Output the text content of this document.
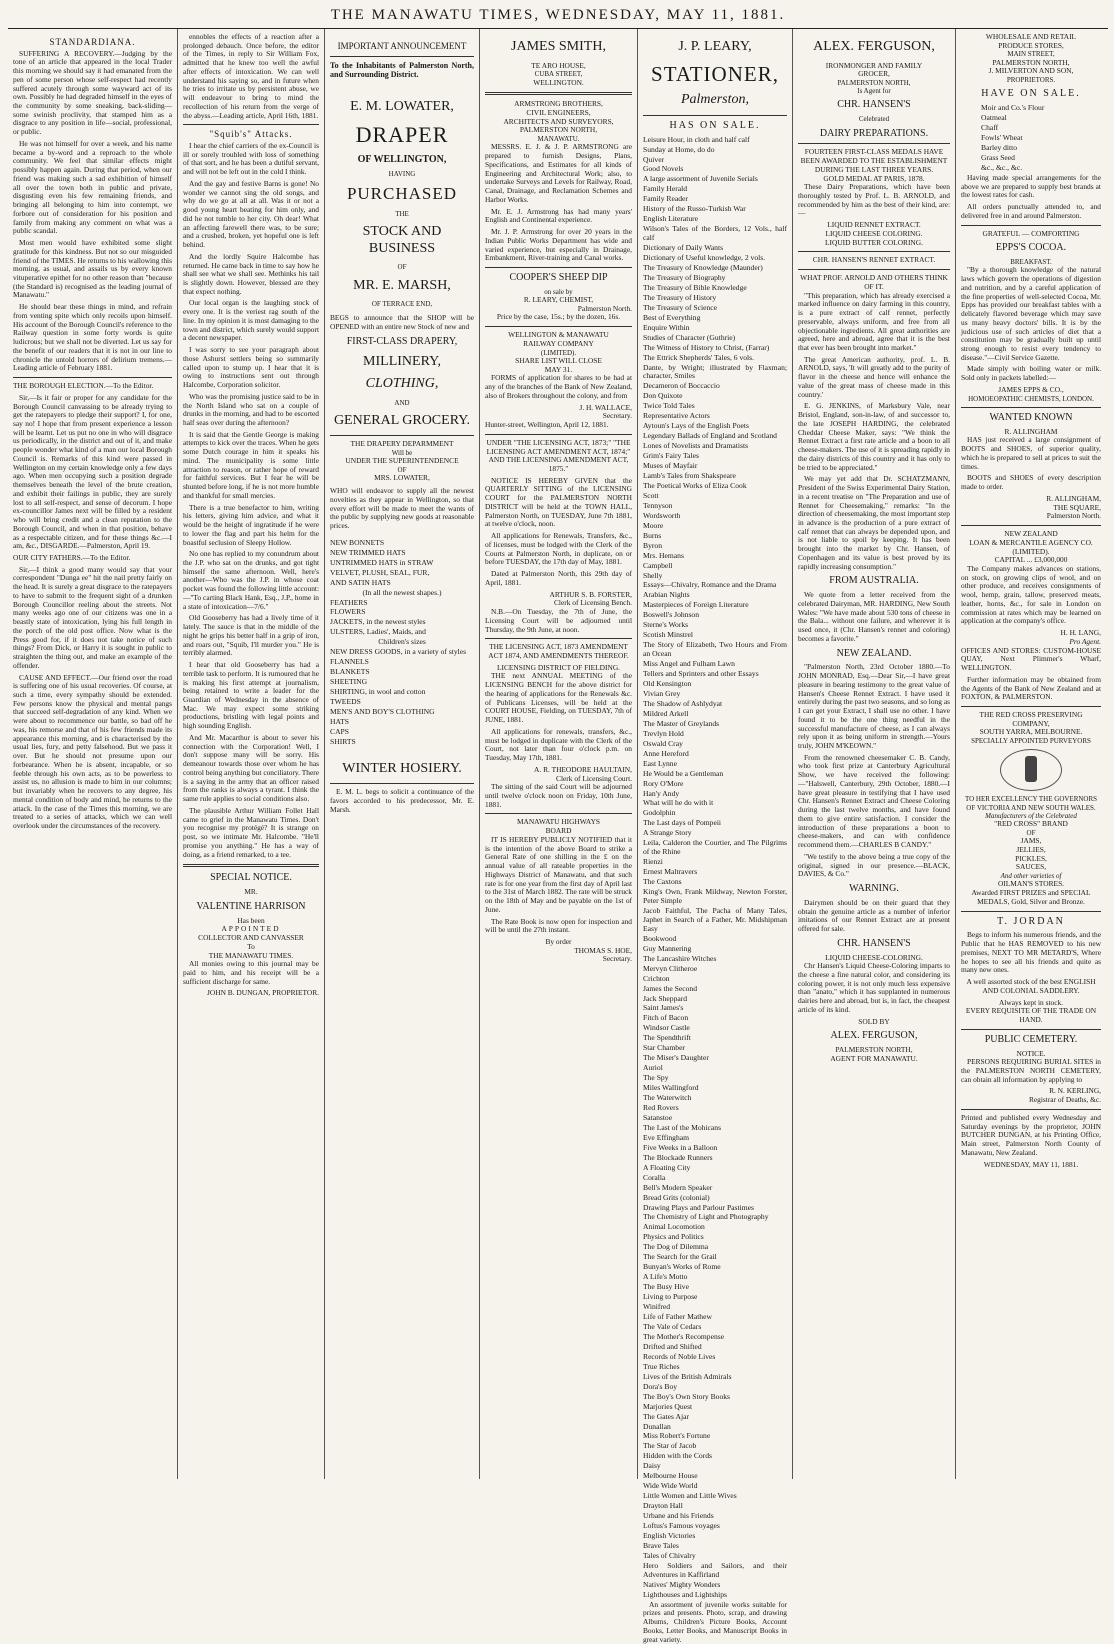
THE MANAWATU TIMES, WEDNESDAY, MAY 11, 1881.
STANDARDIANA.

SUFFERING A RECOVERY.—Judging by the tone of an article that appeared in the local Trader this morning we should say it had emanated from the pen of some person whose self-respect had recently suffered acutely through some wayward act of its own. Possibly he had degraded himself in the eyes of the community by some sneaking, back-sliding—some swinish proclivity, that stamped him as a disgrace to any position in life—social, professional, or public.

He was not himself for over a week, and his name became a by-word and a reproach to the whole community. We feel that similar effects might possibly happen again. During that period, when our friend was making such a sad exhibition of himself all over the town both in public and private, disgusting even his few remaining friends, and bringing all belonging to him into contempt, we forbore out of consideration for his position and family from making any comment on what was a public scandal.

Most men would have exhibited some slight gratitude for this kindness. But not so our misguided friend of the TIMES. He returns to his wallowing this morning, as usual, and assails us by every known vituperative epithet for no other reason than "because (the Standard is) recognised as the leading journal of Manawatu."

He should bear these things in mind, and refrain from venting spite which only recoils upon himself. His account of the Borough Council's reference to the Railway question in some forty words is quite ludicrous; but we shall not be diverted. Let us say for the benefit of our readers that it is not in our line to chronicle the untold horrors of delirium tremens.—Leading article of February 1881.

THE BOROUGH ELECTION.—To the Editor.

Sir,—Is it fair or proper for any candidate for the Borough Council canvassing to be already trying to get the ratepayers to pledge their support? I, for one, say no! I hope that from present experience a lesson will be learnt. Let us put no one in who will disgrace us periodically, in the district and out of it, and make people wonder what kind of a man our local Borough Council is. Remarks of this kind were passed in Wellington on my certain knowledge only a few days ago. When men occupying such a position degrade themselves beneath the level of the brute creation, and exhibit their failings in public, they are surely lost to all self-respect, and sense of decorum. I hope ex-councillor James next will be filled by a resident who will bring credit and a clean reputation to the Borough Council, and when in that position, behave as a respectable citizen, and for these things &c.—I am, &c., DISGARDE.—Palmerston, April 19.

OUR CITY FATHERS.—To the Editor.

Sir,—I think a good many would say that your correspondent "Dunga ee" hit the nail pretty fairly on the head. It is surely a great disgrace to the ratepayers to have to submit to the frequent sight of a drunken Borough Councillor reeling about the streets. Not many weeks ago one of our citizens was one in a beastly state of intoxication, lying his full length in the porch of the old post office. Now what is the Press good for, if it does not take notice of such things? From Dick, or Harry it is sought in public to straighten the thing out, and make an example of the offender.

CAUSE AND EFFECT.—Our friend over the road is suffering one of his usual recoveries. Of course, at such a time, every sympathy should be extended. Few persons know the physical and mental pangs that succeed self-degradation of any kind. When we were about to recommence our battle, so bad off he was, his remorse and that of his few friends made its appearance this morning, and is characterised by the usual lies, fury, and petty falsehood. But we pass it over. But he should not presume upon our forbearance. When he is absent, incapable, or so feeble through his own acts, as to be powerless to assist us, no allusion is made to him in our columns; but invariably when he recovers to any degree, his mental condition of body and mind, he returns to the attack. In the case of the Times this morning, we are treated to a series of attacks, which we can well overlook under the circumstances of the recovery.

ennobles the effects of a reaction after a prolonged debauch. Once before, the editor of the Times, in reply to Sir William Fox, admitted that he knew too well the awful after effects of intoxication. We can well understand his saying so, and in future when he tries to irritate us by persistent abuse, we will endeavour to bring to mind the recollection of his return from the verge of the abyss.—Leading article, April 16th, 1881.

"Squib's" Attacks.

I hear the chief carriers of the ex-Council is ill or sorely troubled with loss of something of that sort, and he has been a dutiful servant, and will not be left out in the cold I think.

And the gay and festive Barns is gone! No wonder we cannot sing the old songs, and why do we go at all at all. Was it or not a good young heart beating for him only, and did he not tumble to her city. Oh dear! What an affecting farewell there was, to be sure; and a crushed, broken, yet hopeful one is left behind.

And the lordly Squire Halcombe has returned. He came back in time to say how he shall see what we shall see. Methinks his tail is slightly down. However, blessed are they that expect nothing.

Our local organ is the laughing stock of every one. It is the veriest rag south of the line. In my opinion it is most damaging to the town and district, which surely would support a decent newspaper.

I was sorry to see your paragraph about those Ashurst settlers being so summarily called upon to stump up. I hear that it is owing to instructions sent out through Halcombe, Corporation solicitor.

Who was the promising justice said to be in the North Island who sat on a couple of drunks in the morning, and had to be escorted half seas over during the afternoon?

It is said that the Gentle George is making attempts to kick over the traces. When he gets some Dutch courage in him it speaks his mind. The municipality is some little attraction to reason, or rather hope of reward for faithful services. But I fear he will be shunted before long, if he is not more humble and thankful for small mercies.

There is a true benefactor to him, writing his letters, giving him advice, and what it would be the height of ingratitude if he were to lower the flag and part his helm for the boastful seclusion of Sleepy Hollow.

No one has replied to my conundrum about the J.P. who sat on the drunks, and got tight himself the same afternoon. Well, here's another—Who was the J.P. in whose coat pocket was found the following little account:—"To carting Black Hank, Esq., J.P., home in a state of intoxication—7/6."

Old Gooseberry has had a lively time of it lately. The sauce is that in the middle of the night he grips his better half in a grip of iron, and roars out, "Squib, I'll murder you." He is terribly alarmed.

I hear that old Gooseberry has had a terrible task to perform. It is rumoured that he is making his first attempt at journalism, being retained to write a leader for the Guardian of Wednesday in the absence of Mac. We may expect some striking productions, bristling with legal points and high sounding English.

And Mr. Macarthur is about to sever his connection with the Corporation! Well, I don't suppose many will be sorry. His demeanour towards those over whom he has control being anything but conciliatory. There is a saying in the army that an officer raised from the ranks is always a tyrant. I think the same rule applies to social conditions also.

The plausible Arthur William Follet Hall came to grief in the Manawatu Times. Don't you recognise my protégé? It is strange on post, so we intimate Mr. Halcombe. "He'll promise you anything." He has a way of doing, as a friend remarked, to a tee.

SPECIAL NOTICE.
MR.
VALENTINE HARRISON
Has been
APPOINTED
COLLECTOR AND CANVASSER
To
THE MANAWATU TIMES.

All monies owing to this journal may be paid to him, and his receipt will be a sufficient discharge for same.

JOHN B. DUNGAN, PROPRIETOR.
IMPORTANT ANNOUNCEMENT

To the Inhabitants of Palmerston North, and Surrounding District.

E. M. LOWATER,
DRAPER
OF WELLINGTON,
HAVING
PURCHASED
THE
STOCK AND BUSINESS
OF
MR. E. MARSH,
OF TERRACE END,

BEGS to announce that the SHOP will be OPENED with an entire new Stock of new and

FIRST-CLASS DRAPERY,
MILLINERY,
CLOTHING,
AND
GENERAL GROCERY.
THE DRAPERY DEPARMMENT
Will be
UNDER THE SUPERINTENDENCE
OF
MRS. LOWATER,

WHO will endeavor to supply all the newest novelties as they appear in Wellington, so that every effort will be made to meet the wants of the public by supplying new goods at reasonable prices.

NEW BONNETS
NEW TRIMMED HATS
UNTRIMMED HATS in STRAW
VELVET, PLUSH, SEAL, FUR,
AND SATIN HATS
(In all the newest shapes.)
FEATHERS
FLOWERS
JACKETS, in the newest styles
ULSTERS, Ladies', Maids, and
Children's sizes
NEW DRESS GOODS, in a variety of styles
FLANNELS
BLANKETS
SHEETING
SHIRTING, in wool and cotton
TWEEDS
MEN'S AND BOY'S CLOTHING
HATS
CAPS
SHIRTS
WINTER HOSIERY.

E. M. L. begs to solicit a continuance of the favors accorded to his predecessor, Mr. E. Marsh.

JAMES SMITH,
TE ARO HOUSE,
CUBA STREET,
WELLINGTON.
ARMSTRONG BROTHERS,
CIVIL ENGINEERS,
ARCHITECTS AND SURVEYORS,
PALMERSTON NORTH,
MANAWATU.

MESSRS. E. J. & J. P. ARMSTRONG are prepared to furnish Designs, Plans, Specifications, and Estimates for all kinds of Engineering and Architectural Work; also, to undertake Surveys and Levels for Railway, Road, Canal, Drainage, and Reclamation Schemes and Harbor Works.

Mr. E. J. Armstrong has had many years' English and Continental experience.

Mr. J. P. Armstrong for over 20 years in the Indian Public Works Department has wide and varied experience, but especially in Drainage, Embankment, River-training and Canal works.

COOPER'S SHEEP DIP
on sale by
R. LEARY, CHEMIST,
Palmerston North.

Price by the case, 15s.; by the dozen, 16s.

WELLINGTON & MANAWATU
RAILWAY COMPANY
(LIMITED).
SHARE LIST WILL CLOSE
MAY 31.

FORMS of application for shares to be had at any of the branches of the Bank of New Zealand, also of Brokers throughout the colony, and from

J. H. WALLACE,
Secretary.

Hunter-street, Wellington, April 12, 1881.

UNDER "THE LICENSING ACT, 1873;" "THE LICENSING ACT AMENDMENT ACT, 1874;" AND THE LICENSING AMENDMENT ACT, 1875."

NOTICE IS HEREBY GIVEN that the QUARTERLY SITTING of the LICENSING COURT for the PALMERSTON NORTH DISTRICT will be held at the TOWN HALL, Palmerston North, on TUESDAY, June 7th 1881, at twelve o'clock, noon.

All applications for Renewals, Transfers, &c., of licenses, must be lodged with the Clerk of the Courts at Palmerston North, in duplicate, on or before TUESDAY, the 17th day of May, 1881.

Dated at Palmerston North, this 29th day of April, 1881.

ARTHUR S. B. FORSTER,
Clerk of Licensing Bench.

N.B.—On Tuesday, the 7th of June, the Licensing Court will be adjourned until Thursday, the 9th June, at noon.

THE LICENSING ACT, 1873 AMENDMENT ACT 1874, AND AMENDMENTS THEREOF.

LICENSING DISTRICT OF FIELDING.

THE next ANNUAL MEETING of the LICENSING BENCH for the above district for the hearing of applications for the Renewals &c. of Publicans Licenses, will be held at the COURT HOUSE, Fielding, on TUESDAY, 7th of JUNE, 1881.

All applications for renewals, transfers, &c., must be lodged in duplicate with the Clerk of the Court, not later than four o'clock p.m. on Tuesday, May 17th, 1881.

A. R. THEODORE HAULTAIN,
Clerk of Licensing Court.

The sitting of the said Court will be adjourned until twelve o'clock noon on Friday, 10th June, 1881.

MANAWATU HIGHWAYS
BOARD

IT IS HEREBY PUBLICLY NOTIFIED that it is the intention of the above Board to strike a General Rate of one shilling in the £ on the annual value of all rateable properties in the Highways District of Manawatu, and that such rate is for one year from the first day of April last to the 31st of March 1882. The rate will be struck on the 18th of May and be payable on the 1st of June.

The Rate Book is now open for inspection and will be until the 27th instant.

By order
THOMAS S. HOE,
Secretary.
J. P. LEARY,
STATIONER,
Palmerston,
HAS ON SALE.
Leisure Hour, in cloth and half calf
Sunday at Home, do do
Quiver
Good Novels
A large assortment of Juvenile Serials
Family Herald
Family Reader
History of the Russo-Turkish War
English Literature
Wilson's Tales of the Borders, 12 Vols., half calf
Dictionary of Daily Wants
Dictionary of Useful knowledge, 2 vols.
The Treasury of Knowledge (Maunder)
The Treasury of Biography
The Treasury of Bible Knowledge
The Treasury of History
The Treasury of Science
Best of Everything
Enquire Within
Studies of Character (Guthrie)
The Witness of History to Christ, (Farrar)
The Ettrick Shepherds' Tales, 6 vols.
Dante, by Wright; illustrated by Flaxman; character, Smiles
Decameron of Boccaccio
Don Quixote
Twice Told Tales
Representative Actors
Aytoun's Lays of the English Poets
Legendary Ballads of England and Scotland
Lones of Novelists and Dramatists
Grim's Fairy Tales
Muses of Mayfair
Lamb's Tales from Shakspeare
The Poetical Works of Eliza Cook
Scott
Tennyson
Wordsworth
Moore
Burns
Byron
Mrs. Hemans
Campbell
Shelly
Essays—Chivalry, Romance and the Drama
Arabian Nights
Masterpieces of Foreign Literature
Boswell's Johnson
Sterne's Works
Scotish Minstrel
The Story of Elizabeth, Two Hours and From an Ocean
Miss Angel and Fulham Lawn
Tellers and Sprinters and other Essays
Old Kensington
Vivian Grey
The Shadow of Ashlydyat
Mildred Arkell
The Master of Greylands
Trevlyn Hold
Oswald Cray
Anne Hereford
East Lynne
He Would be a Gentleman
Rory O'More
Han'y Andy
What will he do with it
Godolphin
The Last days of Pompeii
A Strange Story
Leila, Calderon the Courtier, and The Pilgrims of the Rhine
Rienzi
Ernest Maltravers
The Caxtons
King's Own, Frank Mildway, Newton Forster, Peter Simple
Jacob Faithful, The Pacha of Many Tales, Japhet in Search of a Father, Mr. Midshipman Easy
Bookwood
Guy Mannering
The Lancashire Witches
Mervyn Clitheroe
Crichton
James the Second
Jack Sheppard
Saint James's
Fitch of Bacon
Windsor Castle
The Spendthrift
Star Chamber
The Miser's Daughter
Auriol
The Spy
Miles Wallingford
The Waterwitch
Red Rovers
Satanstoe
The Last of the Mohicans
Eve Effingham
Five Weeks in a Balloon
The Blockade Runners
A Floating City
Coralla
Bell's Modern Speaker
Bread Grits (colonial)
Drawing Plays and Parlour Pastimes
The Chemistry of Light and Photography
Animal Locomotion
Physics and Politics
The Dog of Dilemma
The Search for the Grail
Bunyan's Works of Rome
A Life's Motto
The Busy Hive
Living to Purpose
Winifred
Life of Father Mathew
The Vale of Cedars
The Mother's Recompense
Drifted and Shifted
Records of Noble Lives
True Riches
Lives of the British Admirals
Dora's Boy
The Boy's Own Story Books
Marjories Quest
The Gates Ajar
Dunallan
Miss Robert's Fortune
The Star of Jacob
Hidden with the Cords
Daisy
Melbourne House
Wide Wide World
Little Women and Little Wives
Drayton Hall
Urbane and his Friends
Loftus's Famous voyages
English Victories
Brave Tales
Tales of Chivalry
Hero Soldiers and Sailors, and their Adventures in Kaffirland
Natives' Mighty Wonders
Lighthouses and Lightships

An assortment of juvenile works suitable for prizes and presents. Photo, scrap, and drawing Albums, Children's Picture Books, Account Books, Letter Books, and Manuscript Books in great variety.

ALEX. FERGUSON,
IRONMONGER AND FAMILY
GROCER,
PALMERSTON NORTH,
Is Agent for
CHR. HANSEN'S
Celebrated
DAIRY PREPARATIONS.
FOURTEEN FIRST-CLASS MEDALS HAVE BEEN AWARDED TO THE ESTABLISHMENT DURING THE LAST THREE YEARS.
GOLD MEDAL AT PARIS, 1878.

These Dairy Preparations, which have been thoroughly tested by Prof. L. B. ARNOLD, and recommended by him as the best of their kind, are:—

LIQUID RENNET EXTRACT.
LIQUID CHEESE COLORING.
LIQUID BUTTER COLORING.
CHR. HANSEN'S RENNET EXTRACT.
WHAT PROF. ARNOLD AND OTHERS THINK OF IT.

"This preparation, which has already exercised a marked influence on dairy farming in this country, is a pure extract of calf rennet, perfectly preservable, always uniform, and free from all objectionable ingredients. All great authorities are agreed, here and abroad, agree that it is the best that ever has been brought into market."

The great American authority, prof. L. B. ARNOLD, says, 'It will greatly add to the purity of flavor in the cheese and hence will enhance the value of the great mass of cheese made in this country.'

E. G. JENKINS, of Marksbury Vale, near Bristol, England, son-in-law, of and successor to, the late JOSEPH HARDING, the celebrated Cheddar Cheese Maker, says: "We think the Rennet Extract a first rate article and a boon to all cheese-makers. The use of it is spreading rapidly in the dairy districts of this country and it has only to be tried to be appreciated."

We may yet add that Dr. SCHATZMANN, President of the Swiss Experimental Dairy Station, in a recent treatise on "The Preparation and use of Rennet for Cheesemaking," remarks: "In the direction of cheesemaking, the most important step in advance is the production of a pure extract of calf rennet that can always be depended upon, and is not liable to spoil by keeping. It has been brought into the market by Chr. Hansen, of Copenhagen and its value is best proved by its rapidly increasing consumption."

FROM AUSTRALIA.

We quote from a letter received from the celebrated Dairyman, MR. HARDING, New South Wales: "We have made about 530 tons of cheese in the Bala... without one failure, and wherever it is used once, it (Chr. Hansen's rennet and coloring) becomes a favorite."

NEW ZEALAND.

"Palmerston North, 23rd October 1880.—To JOHN MONRAD, Esq.—Dear Sir,—I have great pleasure in bearing testimony to the great value of Hansen's Cheese Rennet Extract. I have used it entirely during the past two seasons, and so long as I can get your Extract, I shall use no other. I have found it to be the one thing needful in the successful manufacture of cheese, as I can always rely upon it as being uniform in strength.—Yours truly, JOHN M'KEOWN."

From the renowned cheesemaker C. B. Candy, who took first prize at Canterbury Agricultural Show, we have received the following:—"Halswell, Canterbury, 29th October, 1880.—I have great pleasure in testifying that I have used Chr. Hansen's Rennet Extract and Cheese Coloring during the last twelve months, and have found them to give entire satisfaction. I consider the introduction of these preparations a boon to cheese-makers, and can with confidence recommend them.—CHARLES B CANDY."

"We testify to the above being a true copy of the original, signed in our presence.—BLACK, DAVIES, & Co."

WARNING.

Dairymen should be on their guard that they obtain the genuine article as a number of inferior imitations of our Rennet Extract are at present offered for sale.

CHR. HANSEN'S
LIQUID CHEESE-COLORING.

Chr Hansen's Liquid Cheese-Coloring imparts to the cheese a fine natural color, and considering its coloring power, it is not only much less expensive than "anato," which it has supplanted in numerous dairies here and abroad, but is, in fact, the cheapest article of its kind.

SOLD BY
ALEX. FERGUSON,
PALMERSTON NORTH,
AGENT FOR MANAWATU.
WHOLESALE AND RETAIL
PRODUCE STORES,
MAIN STREET,
PALMERSTON NORTH,
J. MILVERTON AND SON,
PROPRIETORS.
HAVE ON SALE.
Moir and Co.'s Flour
Oatmeal
Chaff
Fowls' Wheat
Barley ditto
Grass Seed
&c., &c., &c.

Having made special arrangements for the above we are prepared to supply best brands at the lowest rates for cash.

All orders punctually attended to, and delivered free in and around Palmerston.

GRATEFUL — COMFORTING
EPPS'S COCOA.
BREAKFAST.

"By a thorough knowledge of the natural laws which govern the operations of digestion and nutrition, and by a careful application of the fine properties of well-selected Cocoa, Mr. Epps has provided our breakfast tables with a delicately flavored beverage which may save us many heavy doctors' bills. It is by the judicious use of such articles of diet that a constitution may be gradually built up until strong enough to resist every tendency to disease."—Civil Service Gazette.

Made simply with boiling water or milk. Sold only in packets labelled:—

JAMES EPPS & CO.,
HOMOEOPATHIC CHEMISTS, LONDON.
WANTED KNOWN
R. ALLINGHAM

HAS just received a large consignment of BOOTS and SHOES, of superior quality, which he is prepared to sell at prices to suit the times.

BOOTS and SHOES of every description made to order.

R. ALLINGHAM,
THE SQUARE,
Palmerston North.
NEW ZEALAND
LOAN & MERCANTILE AGENCY CO. (LIMITED).
CAPITAL ... £3,000,000

The Company makes advances on stations, on stock, on growing clips of wool, and on other produce, and receives consignments of wool, hemp, grain, tallow, preserved meats, leather, horns, &c., for sale in London on commission at rates which may be learned on application at the company's office.

H. H. LANG,
Pro Agent.

OFFICES AND STORES: CUSTOM-HOUSE QUAY, Next Plimmer's Wharf, WELLINGTON.

Further information may be obtained from the Agents of the Bank of New Zealand and at FOXTON, & PALMERSTON.

THE RED CROSS PRESERVING COMPANY,
SOUTH YARRA, MELBOURNE.
SPECIALLY APPOINTED PURVEYORS
TO HER EXCELLENCY THE GOVERNORS OF VICTORIA AND NEW SOUTH WALES.
Manufacturers of the Celebrated
"RED CROSS" BRAND
OF
JAMS,
JELLIES,
PICKLES,
SAUCES,
And other varieties of
OILMAN'S STORES.

Awarded FIRST PRIZES and SPECIAL MEDALS, Gold, Silver and Bronze.

T. JORDAN

Begs to inform his numerous friends, and the Public that he HAS REMOVED to his new premises, NEXT TO MR METARD'S, Where he hopes to see all his friends and quite as many new ones.

A well assorted stock of the best ENGLISH AND COLONIAL SADDLERY.

Always kept in stock.
EVERY REQUISITE OF THE TRADE ON HAND.
PUBLIC CEMETERY.
NOTICE.

PERSONS REQUIRING BURIAL SITES in the PALMERSTON NORTH CEMETERY, can obtain all information by applying to

R. N. KERLING,
Registrar of Deaths, &c.

Printed and published every Wednesday and Saturday evenings by the proprietor, JOHN BUTCHER DUNGAN, at his Printing Office, Main street, Palmerston North County of Manawatu, New Zealand.

WEDNESDAY, MAY 11, 1881.
